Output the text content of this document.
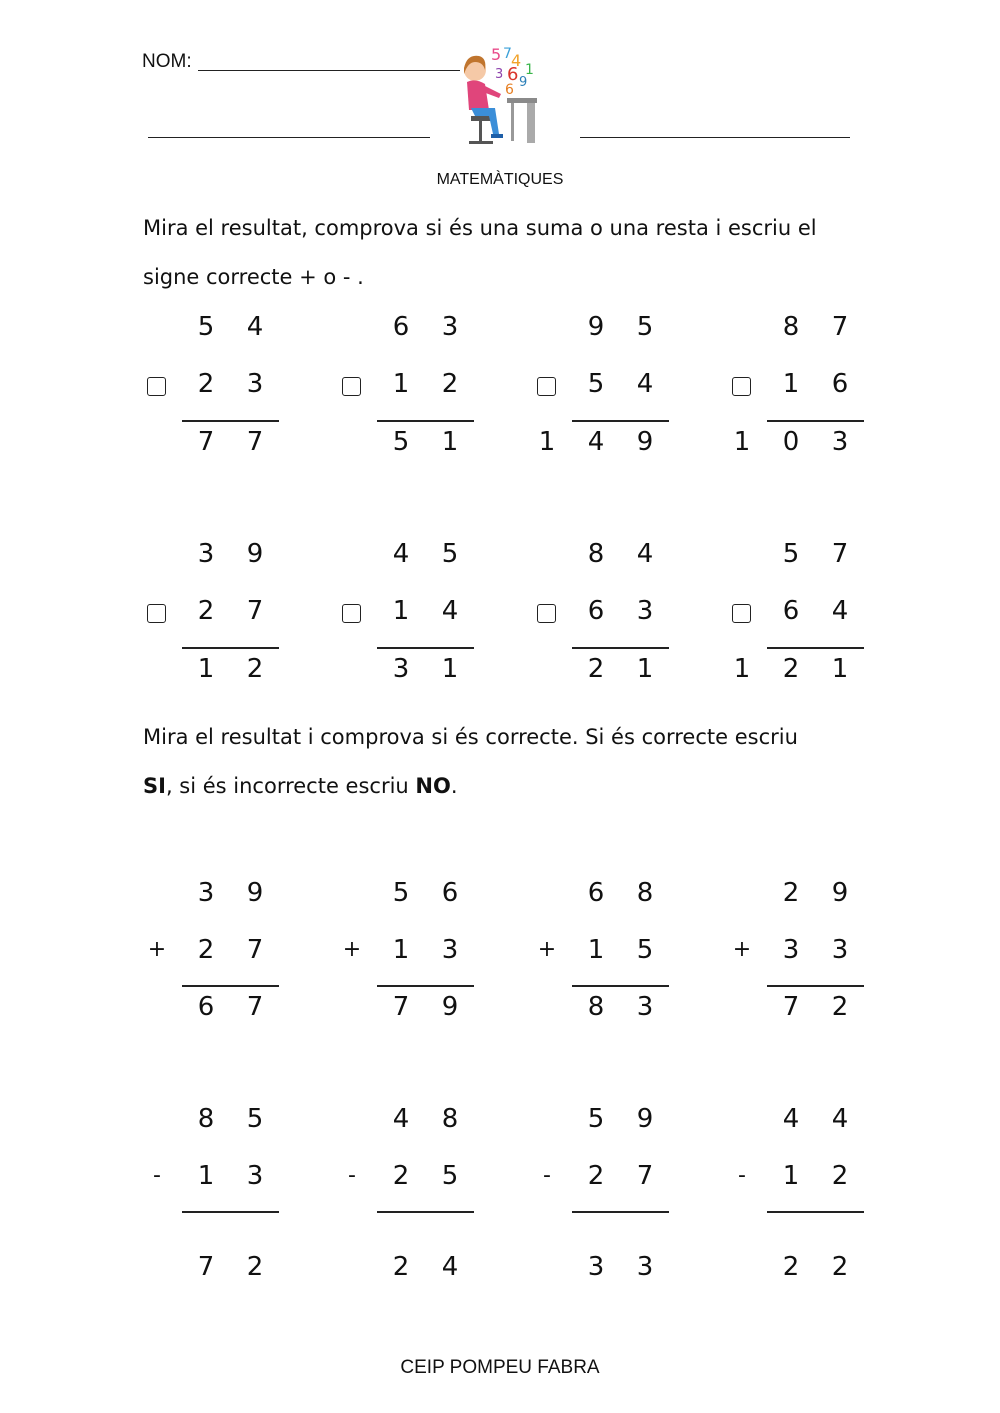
NOM:	5 7 4 1
6
3
9
6
MATEMÀTIQUES
Mira el resultat, comprova si és una suma o una resta i escriu el
signe correcte + o - .
5 4
2 3
7 7
6 3
1 2
5 1
9 5
5 4
1 4 9
8 7
1 6
1 0 3
3 9
2 7
1 2
4 5
1 4
3 1
8 4
6 3
2 1
5 7
6 4
1 2 1
Mira el resultat i comprova si és correcte. Si és correcte escriu
SI, si és incorrecte escriu NO.
3 9
+ 2 7
6 7
5 6
+ 1 3
7 9
6 8
+ 1 5
8 3
2 9
+ 3 3
7 2
8 5
-	1 3
7 2
4 8
-	2 5
2 4
5 9
-	2 7
3 3
4 4
-	1 2
2 2
CEIP POMPEU FABRA
